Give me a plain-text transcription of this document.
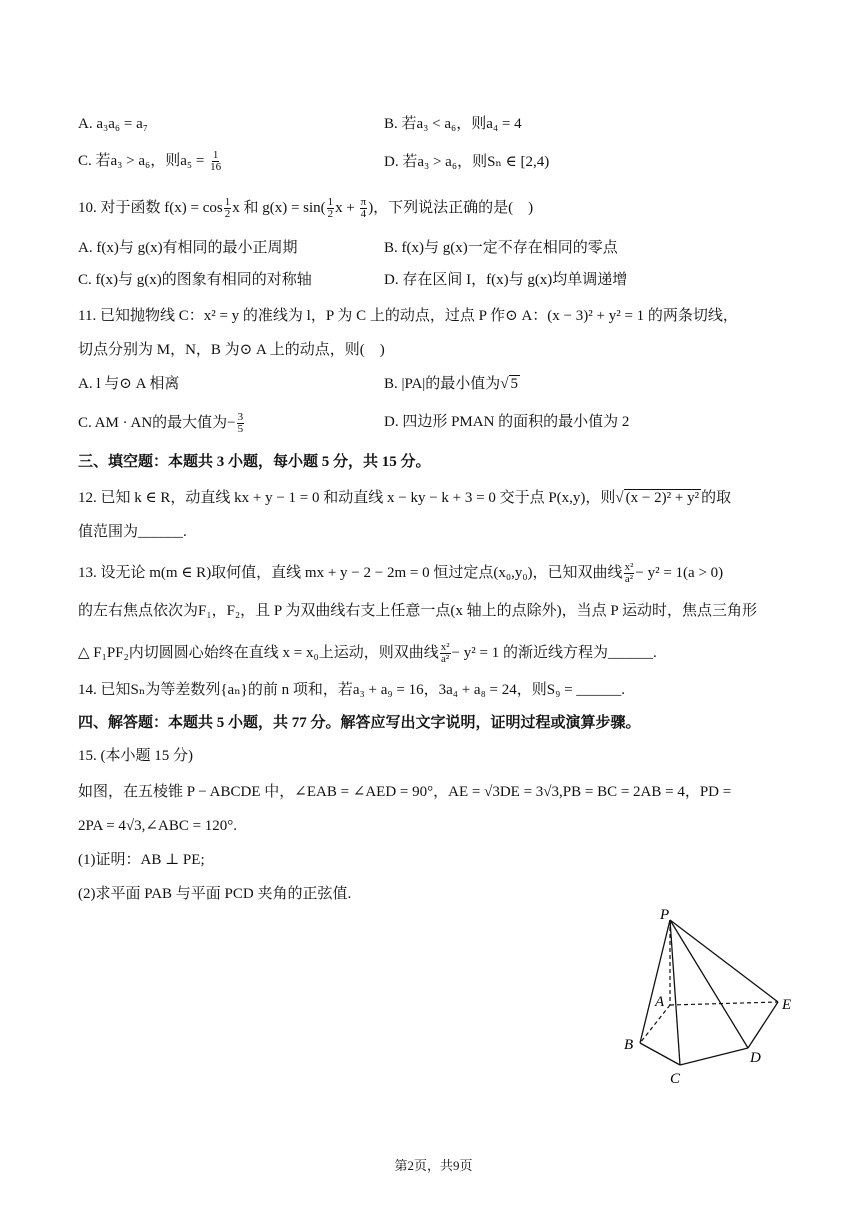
A. a₃a₆ = a₇	B. 若a₃ < a₆，则a₄ = 4
C. 若a₃ > a₆，则$a_5 = \frac{1}{16}$	D. 若a₃ > a₆，则Sₙ ∈ [2,4)
10. 对于函数 $f(x) = \cos \frac{1}{2}$ x 和 $g(x) = \sin( \frac{1}{2}$ $x + \frac{\pi}{4}$ )，下列说法正确的是(　)
A. f(x)与 g(x)有相同的最小正周期	B. f(x)与 g(x)一定不存在相同的零点
C. f(x)与 g(x)的图象有相同的对称轴	D. 存在区间 I，f(x)与 g(x)均单调递增
11. 已知抛物线 C：x² = y 的准线为 l，P 为 C 上的动点，过点 P 作⊙ A：(x − 3)² + y² = 1 的两条切线，
切点分别为 M，N，B 为⊙ A 上的动点，则(　)
A. l 与⊙ A 相离	B. |PA|的最小值为√ 5
C. AM · AN的最大值为− $\frac{3}{5}$	D. 四边形 PMAN 的面积的最小值为 2
三、填空题：本题共 3 小题，每小题 5 分，共 15 分。
12. 已知 k ∈ R，动直线 kx + y − 1 = 0 和动直线 x − ky − k + 3 = 0 交于点 P(x,y)，则√ (x − 2)² + y² 的取
值范围为______.
13. 设无论 m(m ∈ R)取何值，直线 mx + y − 2 − 2m = 0 恒过定点(x₀,y₀)，已知双曲线 $\frac{\text{x²}}{\text{a²}} - y^2 = 1(a > 0)$
的左右焦点依次为F₁，F₂，且 P 为双曲线右支上任意一点(x 轴上的点除外)，当点 P 运动时，焦点三角形
△ F₁PF₂内切圆圆心始终在直线 x = x₀上运动，则双曲线 $\frac{\text{x²}}{\text{a²}} - y^2 = 1$ 的渐近线方程为______.
14. 已知Sₙ为等差数列{aₙ}的前 n 项和，若a₃ + a₉ = 16，3a₄ + a₈ = 24，则S₉ = ______.
四、解答题：本题共 5 小题，共 77 分。解答应写出文字说明，证明过程或演算步骤。
15. (本小题 15 分)
如图，在五棱锥 P − ABCDE 中，∠EAB = ∠AED = 90°，AE = √3DE = 3√3,PB = BC = 2AB = 4，PD =
2PA = 4√3,∠ABC = 120°.
(1)证明：AB ⊥ PE;
(2)求平面 PAB 与平面 PCD 夹角的正弦值.
P
A
B
C
D
E
第2页，共9页
